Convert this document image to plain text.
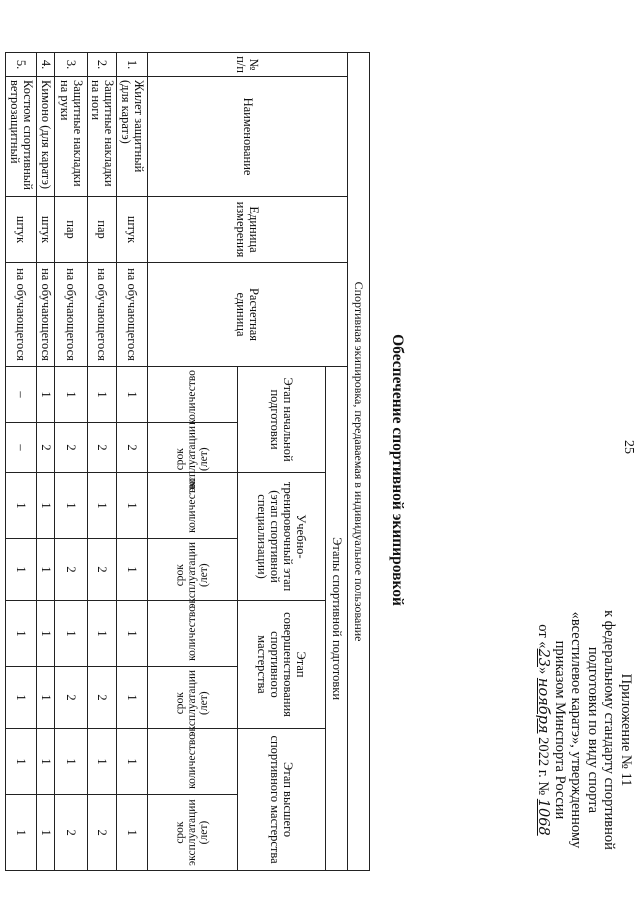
25
Приложение № 11
к федеральному стандарту спортивной
подготовки по виду спорта
«всестилевое каратэ», утвержденному
приказом Минспорта России
от «23» ноября 2022 г. № 1068
Обеспечение спортивной экипировкой
Спортивная экипировка, передаваемая в индивидуальное пользование											
№ п/п	Наименование	Единица измерения	Расчетная единица	Этапы спортивной подготовки							
				Этап начальной подготовки		Учебно-тренировочный этап (этап спортивной специализации)		Этап совершенствования спортивного мастерства		Этап высшего спортивного мастерства	
				количество	срок эксплуатации (лет)	количество	срок эксплуатации (лет)	количество	срок эксплуатации (лет)	количество	срок эксплуатации (лет)
1.	Жилет защитный (для каратэ)	штук	на обучающегося	1	2	1	1	1	1	1	1
2.	Защитные накладки на ноги	пар	на обучающегося	1	2	1	2	1	2	1	2
3.	Защитные накладки на руки	пар	на обучающегося	1	2	1	2	1	2	1	2
4.	Кимоно (для каратэ)	штук	на обучающегося	1	2	1	1	1	1	1	1
5.	Костюм спортивный ветрозащитный	штук	на обучающегося	–	–	1	1	1	1	1	1
